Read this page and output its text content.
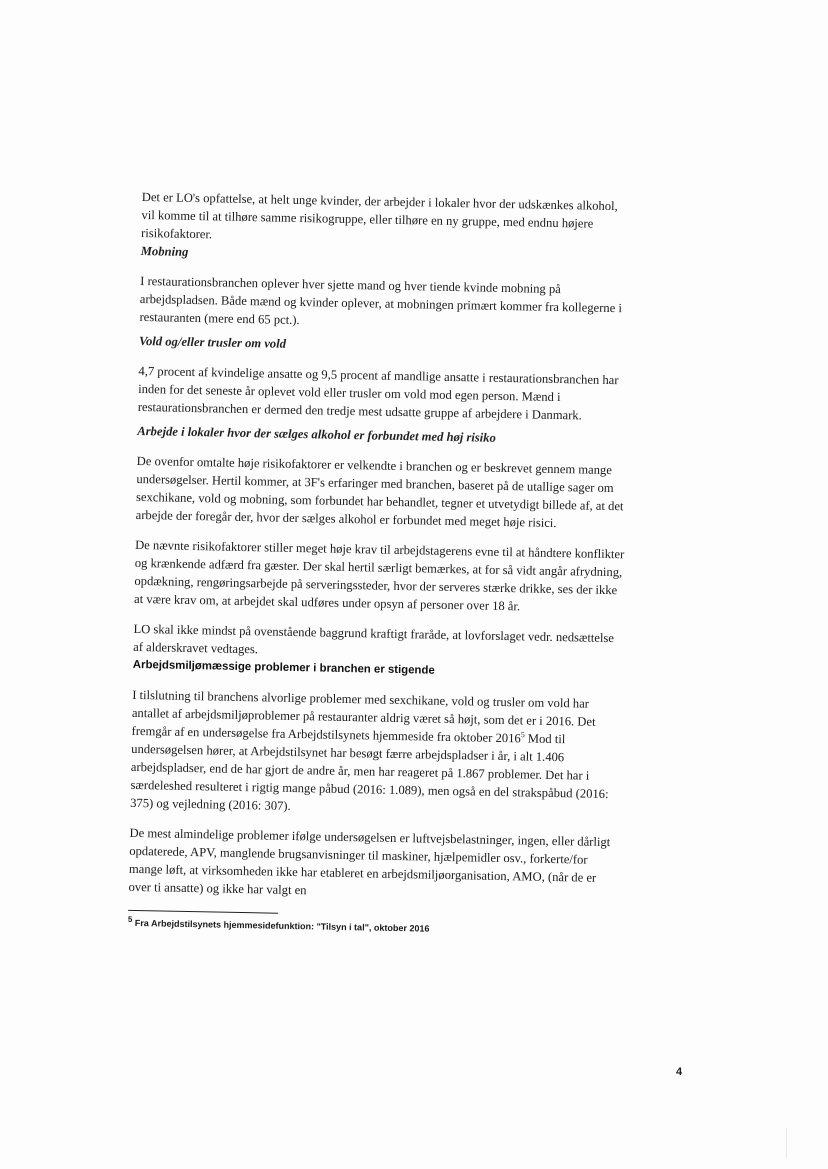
Det er LO's opfattelse, at helt unge kvinder, der arbejder i lokaler hvor der udskænkes alkohol, vil komme til at tilhøre samme risikogruppe, eller tilhøre en ny gruppe, med endnu højere risikofaktorer.

Mobning

I restaurationsbranchen oplever hver sjette mand og hver tiende kvinde mobning på arbejdspladsen. Både mænd og kvinder oplever, at mobningen primært kommer fra kollegerne i restauranten (mere end 65 pct.).

Vold og/eller trusler om vold

4,7 procent af kvindelige ansatte og 9,5 procent af mandlige ansatte i restaurationsbranchen har inden for det seneste år oplevet vold eller trusler om vold mod egen person. Mænd i restaurationsbranchen er dermed den tredje mest udsatte gruppe af arbejdere i Danmark.

Arbejde i lokaler hvor der sælges alkohol er forbundet med høj risiko

De ovenfor omtalte høje risikofaktorer er velkendte i branchen og er beskrevet gennem mange undersøgelser. Hertil kommer, at 3F's erfaringer med branchen, baseret på de utallige sager om sexchikane, vold og mobning, som forbundet har behandlet, tegner et utvetydigt billede af, at det arbejde der foregår der, hvor der sælges alkohol er forbundet med meget høje risici.

De nævnte risikofaktorer stiller meget høje krav til arbejdstagerens evne til at håndtere konflikter og krænkende adfærd fra gæster. Der skal hertil særligt bemærkes, at for så vidt angår afrydning, opdækning, rengøringsarbejde på serveringssteder, hvor der serveres stærke drikke, ses der ikke at være krav om, at arbejdet skal udføres under opsyn af personer over 18 år.

LO skal ikke mindst på ovenstående baggrund kraftigt fraråde, at lovforslaget vedr. nedsættelse af alderskravet vedtages.

Arbejdsmiljømæssige problemer i branchen er stigende

I tilslutning til branchens alvorlige problemer med sexchikane, vold og trusler om vold har antallet af arbejdsmiljøproblemer på restauranter aldrig været så højt, som det er i 2016. Det fremgår af en undersøgelse fra Arbejdstilsynets hjemmeside fra oktober 2016$^5$ Mod til undersøgelsen hører, at Arbejdstilsynet har besøgt færre arbejdspladser i år, i alt 1.406 arbejdspladser, end de har gjort de andre år, men har reageret på 1.867 problemer. Det har i særdeleshed resulteret i rigtig mange påbud (2016: 1.089), men også en del strakspåbud (2016: 375) og vejledning (2016: 307).

De mest almindelige problemer ifølge undersøgelsen er luftvejsbelastninger, ingen, eller dårligt opdaterede, APV, manglende brugsanvisninger til maskiner, hjælpemidler osv., forkerte/for mange løft, at virksomheden ikke har etableret en arbejdsmiljøorganisation, AMO, (når de er over ti ansatte) og ikke har valgt en

$^5$ Fra Arbejdstilsynets hjemmesidefunktion: "Tilsyn i tal", oktober 2016
4
